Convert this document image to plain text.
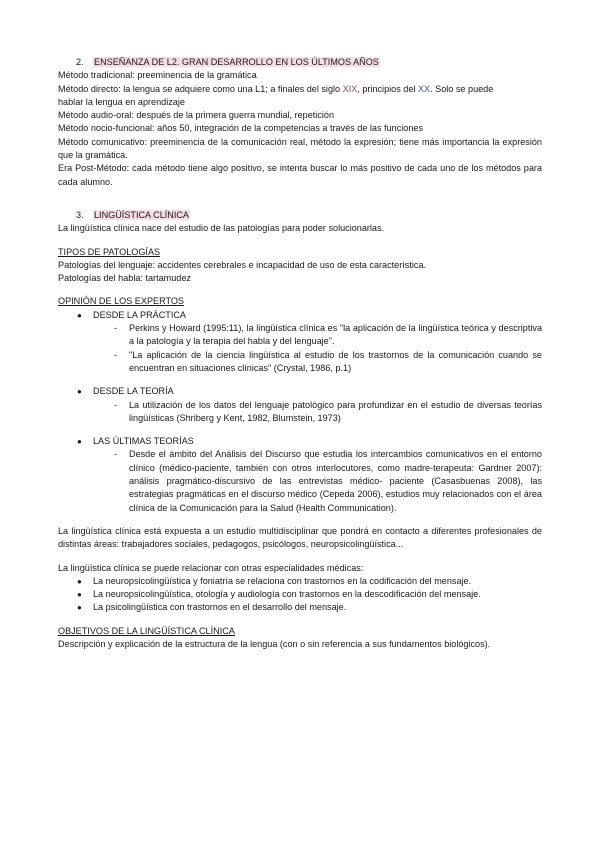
2. ENSEÑANZA DE L2. GRAN DESARROLLO EN LOS ÚLTIMOS AÑOS

Método tradicional: preeminencia de la gramática

Método directo: la lengua se adquiere como una L1; a finales del siglo XIX, principios del XX. Solo se puede

hablar la lengua en aprendizaje

Método audio-oral: después de la primera guerra mundial, repetición

Método nocio-funcional: años 50, integración de la competencias a través de las funciones

Método comunicativo: preeminencia de la comunicación real, método la expresión; tiene más importancia la expresión que la gramática.

Era Post-Método: cada método tiene algo positivo, se intenta buscar lo más positivo de cada uno de los métodos para cada alumno.

3. LINGÜÍSTICA CLÍNICA

La lingüística clínica nace del estudio de las patologías para poder solucionarlas.

TIPOS DE PATOLOGÍAS

Patologías del lenguaje: accidentes cerebrales e incapacidad de uso de esta característica.

Patologías del habla: tartamudez

OPINIÓN DE LOS EXPERTOS

●	DESDE LA PRÁCTICA

- Perkins y Howard (1995:11), la lingüística clínica es "la aplicación de la lingüística teórica y descriptiva a la patología y la terapia del habla y del lenguaje".

- "La aplicación de la ciencia lingüística al estudio de los trastornos de la comunicación cuando se encuentran en situaciones clínicas" (Crystal, 1986, p.1)

●	DESDE LA TEORÍA

- La utilización de los datos del lenguaje patológico para profundizar en el estudio de diversas teorías lingüísticas (Shriberg y Kent, 1982, Blumstein, 1973)

●	LAS ÚLTIMAS TEORÍAS

- Desde el ámbito del Análisis del Discurso que estudia los intercambios comunicativos en el entorno clínico (médico-paciente, también con otros interlocutores, como madre-terapeuta: Gardner 2007): análisis pragmático-discursivo de las entrevistas médico- paciente (Casasbuenas 2008), las estrategias pragmáticas en el discurso médico (Cepeda 2006), estudios muy relacionados con el área clínica de la Comunicación para la Salud (Health Communication).

La lingüística clínica está expuesta a un estudio multidisciplinar que pondrá en contacto a diferentes profesionales de distintas áreas: trabajadores sociales, pedagogos, psicólogos, neuropsicolingüística...

La lingüística clínica se puede relacionar con otras especialidades médicas:

●	La neuropsicolingüística y foniatría se relaciona con trastornos en la codificación del mensaje.

●	La neuropsicolingüística, otología y audiología con trastornos en la descodificación del mensaje.

●	La psicolingüística con trastornos en el desarrollo del mensaje.

OBJETIVOS DE LA LINGÜÍSTICA CLÍNICA

Descripción y explicación de la estructura de la lengua (con o sin referencia a sus fundamentos biológicos).
